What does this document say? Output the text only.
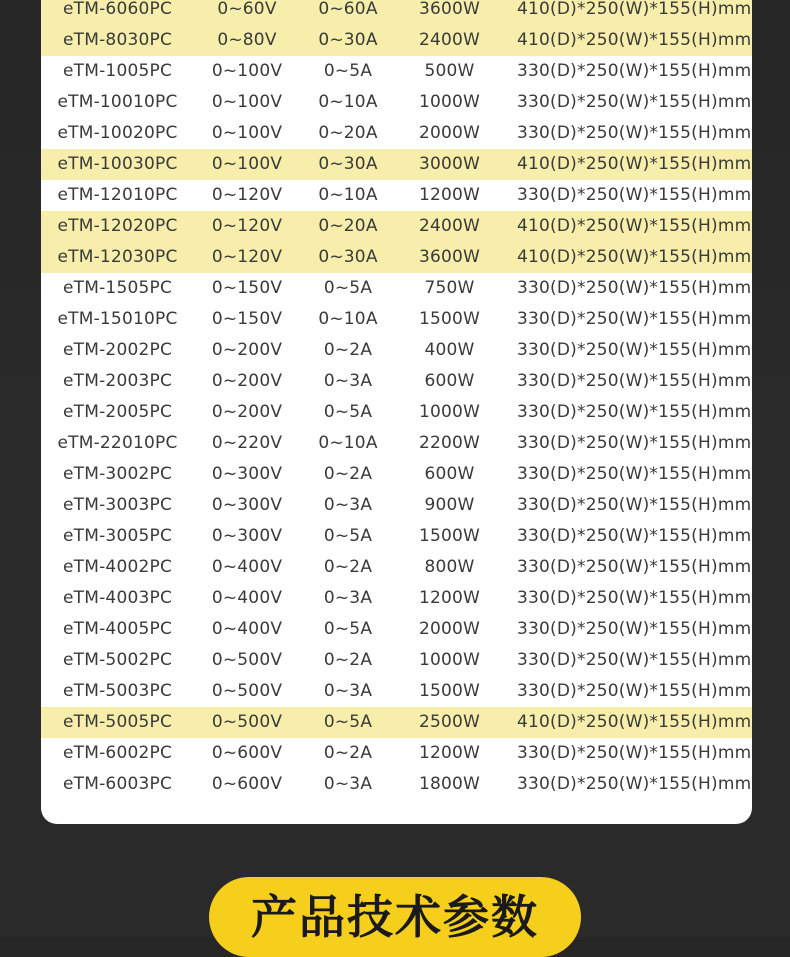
eTM-6060PC	0~60V	0~60A	3600W	410(D)*250(W)*155(H)mm
eTM-8030PC	0~80V	0~30A	2400W	410(D)*250(W)*155(H)mm
eTM-1005PC	0~100V	0~5A	500W	330(D)*250(W)*155(H)mm
eTM-10010PC	0~100V	0~10A	1000W	330(D)*250(W)*155(H)mm
eTM-10020PC	0~100V	0~20A	2000W	330(D)*250(W)*155(H)mm
eTM-10030PC	0~100V	0~30A	3000W	410(D)*250(W)*155(H)mm
eTM-12010PC	0~120V	0~10A	1200W	330(D)*250(W)*155(H)mm
eTM-12020PC	0~120V	0~20A	2400W	410(D)*250(W)*155(H)mm
eTM-12030PC	0~120V	0~30A	3600W	410(D)*250(W)*155(H)mm
eTM-1505PC	0~150V	0~5A	750W	330(D)*250(W)*155(H)mm
eTM-15010PC	0~150V	0~10A	1500W	330(D)*250(W)*155(H)mm
eTM-2002PC	0~200V	0~2A	400W	330(D)*250(W)*155(H)mm
eTM-2003PC	0~200V	0~3A	600W	330(D)*250(W)*155(H)mm
eTM-2005PC	0~200V	0~5A	1000W	330(D)*250(W)*155(H)mm
eTM-22010PC	0~220V	0~10A	2200W	330(D)*250(W)*155(H)mm
eTM-3002PC	0~300V	0~2A	600W	330(D)*250(W)*155(H)mm
eTM-3003PC	0~300V	0~3A	900W	330(D)*250(W)*155(H)mm
eTM-3005PC	0~300V	0~5A	1500W	330(D)*250(W)*155(H)mm
eTM-4002PC	0~400V	0~2A	800W	330(D)*250(W)*155(H)mm
eTM-4003PC	0~400V	0~3A	1200W	330(D)*250(W)*155(H)mm
eTM-4005PC	0~400V	0~5A	2000W	330(D)*250(W)*155(H)mm
eTM-5002PC	0~500V	0~2A	1000W	330(D)*250(W)*155(H)mm
eTM-5003PC	0~500V	0~3A	1500W	330(D)*250(W)*155(H)mm
eTM-5005PC	0~500V	0~5A	2500W	410(D)*250(W)*155(H)mm
eTM-6002PC	0~600V	0~2A	1200W	330(D)*250(W)*155(H)mm
eTM-6003PC	0~600V	0~3A	1800W	330(D)*250(W)*155(H)mm
产品技术参数
